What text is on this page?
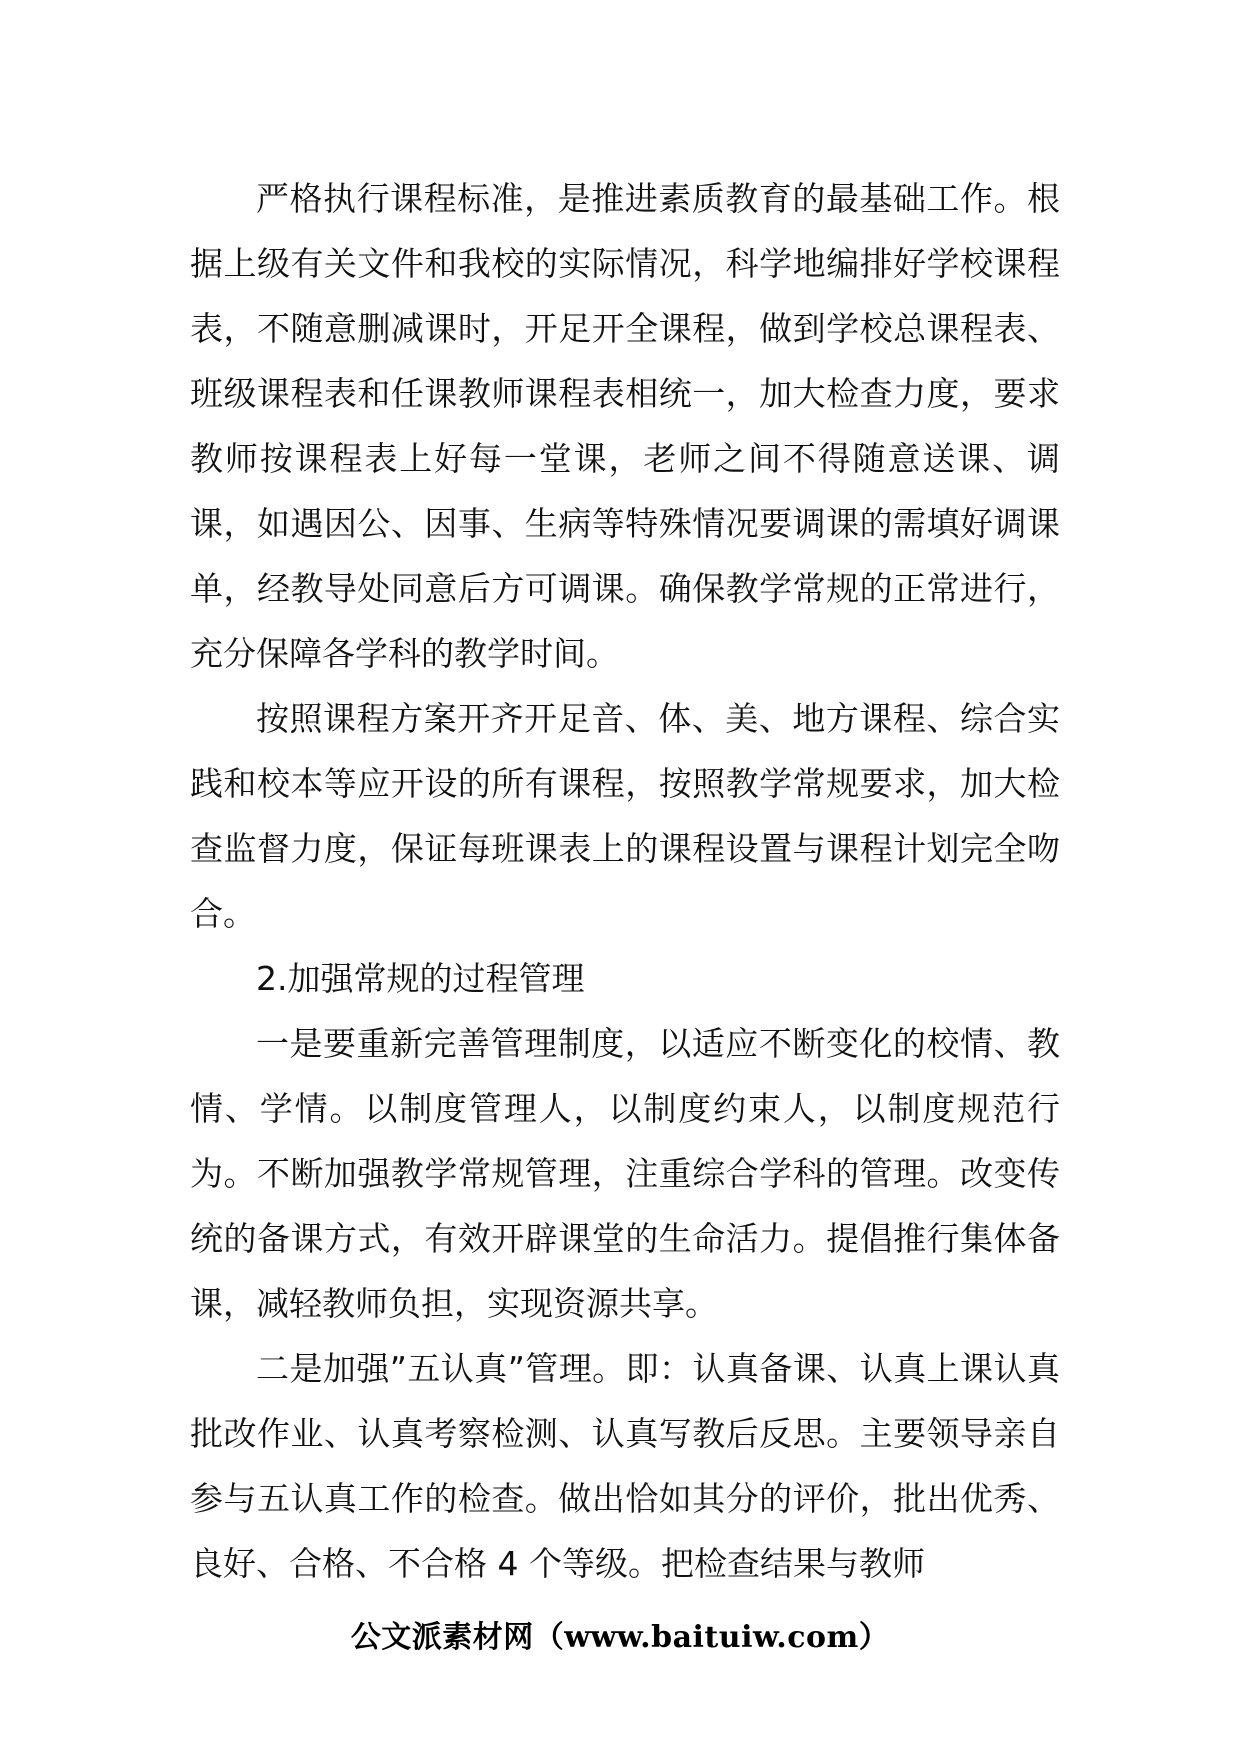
严格执行课程标准，是推进素质教育的最基础工作。根据上级有关文件和我校的实际情况，科学地编排好学校课程表，不随意删减课时，开足开全课程，做到学校总课程表、班级课程表和任课教师课程表相统一，加大检查力度，要求教师按课程表上好每一堂课，老师之间不得随意送课、调课，如遇因公、因事、生病等特殊情况要调课的需填好调课单，经教导处同意后方可调课。确保教学常规的正常进行，充分保障各学科的教学时间。

按照课程方案开齐开足音、体、美、地方课程、综合实践和校本等应开设的所有课程，按照教学常规要求，加大检查监督力度，保证每班课表上的课程设置与课程计划完全吻合。

2.加强常规的过程管理

一是要重新完善管理制度，以适应不断变化的校情、教情、学情。以制度管理人，以制度约束人，以制度规范行为。不断加强教学常规管理，注重综合学科的管理。改变传统的备课方式，有效开辟课堂的生命活力。提倡推行集体备课，减轻教师负担，实现资源共享。

二是加强”五认真”管理。即：认真备课、认真上课认真批改作业、认真考察检测、认真写教后反思。主要领导亲自参与五认真工作的检查。做出恰如其分的评价，批出优秀、良好、合格、不合格 4 个等级。把检查结果与教师

公文派素材网（www.baituiw.com）
